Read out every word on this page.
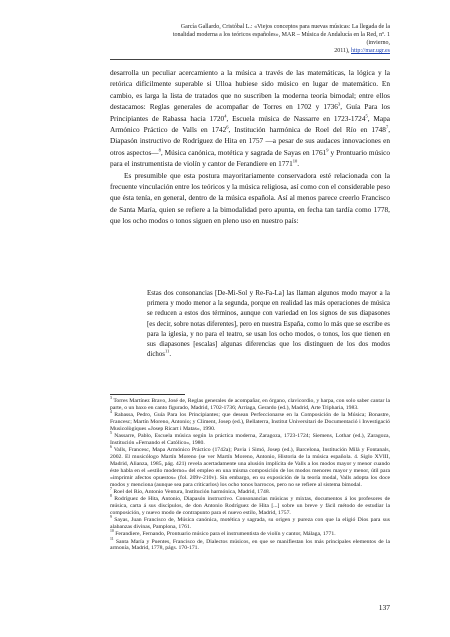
García Gallardo, Cristóbal L.: «Viejos conceptos para nuevas músicas: La llegada de la
tonalidad moderna a los teóricos españoles», MAR – Música de Andalucía en la Red, nº. 1 (invierno,
2011), http://mar.ugr.es

desarrolla un peculiar acercamiento a la música a través de las matemáticas, la lógica y la retórica difícilmente superable si Ulloa hubiese sido músico en lugar de matemático. En cambio, es larga la lista de tratados que no suscriben la moderna teoría bimodal; entre ellos destacamos: Reglas generales de acompañar de Torres en 1702 y 1736$^3$, Guía Para los Principiantes de Rabassa hacia 1720$^4$, Escuela música de Nassarre en 1723-1724$^5$, Mapa Armónico Práctico de Valls en 1742$^6$, Institución harmónica de Roel del Río en 1748$^7$, Diapasón instructivo de Rodríguez de Hita en 1757 —a pesar de sus audaces innovaciones en otros aspectos—$^8$, Música canónica, motética y sagrada de Sayas en 1761$^9$ y Prontuario músico para el instrumentista de violín y cantor de Ferandiere en 1771$^{10}$.

Es presumible que esta postura mayoritariamente conservadora esté relacionada con la frecuente vinculación entre los teóricos y la música religiosa, así como con el considerable peso que ésta tenía, en general, dentro de la música española. Así al menos parece creerlo Francisco de Santa María, quien se refiere a la bimodalidad pero apunta, en fecha tan tardía como 1778, que los ocho modos o tonos siguen en pleno uso en nuestro país:

Estas dos consonancias [De-Mi-Sol y Re-Fa-La] las llaman algunos modo mayor a la primera y modo menor a la segunda, porque en realidad las más operaciones de música se reducen a estos dos términos, aunque con variedad en los signos de sus diapasones [es decir, sobre notas diferentes], pero en nuestra España, como lo más que se escribe es para la iglesia, y no para el teatro, se usan los ocho modos, o tonos, los que tienen en sus diapasones [escalas] algunas diferencias que los distinguen de los dos modos dichos$^{11}$.
$^3$ Torres Martínez Bravo, José de, Reglas generales de acompañar, en órgano, clavicordio, y harpa, con solo saber cantar la parte, o un baxo en canto figurado, Madrid, 1702-1736; Arriaga, Gerardo (ed.), Madrid, Arte Tripharia, 1983.
$^4$ Rabassa, Pedro, Guía Para los Principiantes; que desean Perfeccionarse en la Composición de la Música; Bonastre, Francesc; Martín Moreno, Antonio; y Climent, Josep (ed.), Bellaterra, Institut Universitari de Documentació i Investigació Musicològiques «Josep Ricart i Matas», 1990.
$^5$ Nassarre, Pablo, Escuela música según la práctica moderna, Zaragoza, 1723-1724; Siemens, Lothar (ed.), Zaragoza, Institución «Fernando el Católico», 1980.
$^6$ Valls, Francesc, Mapa Armónico Práctico (1742a); Pavia i Simó, Josep (ed.), Barcelona, Institución Milà y Fontanals, 2002. El musicólogo Martín Moreno (se ver Martín Moreno, Antonio, Historia de la música española. 4. Siglo XVIII, Madrid, Alianza, 1985, pág. 421) revela acertadamente una alusión implícita de Valls a los modos mayor y menor cuando éste habla en el «estilo moderno» del empleo en una misma composición de los modos menores mayor y menor, útil para «imprimir afectos opuestos» (fol. 209v-210v). Sin embargo, en su exposición de la teoría modal, Valls adopta los doce modos y menciona (aunque sea para criticarlos) los ocho tonos barrocos, pero no se refiere al sistema bimodal.
$^7$ Roel del Río, Antonio Ventura, Institución harmónica, Madrid, 1748.
$^8$ Rodríguez de Hita, Antonio, Diapasón instructivo. Consonancias músicas y mixtas, documentos á los profesores de música, carta á sus discípulos, de don Antonio Rodríguez de Hita [...] sobre un breve y fácil método de estudiar la composición, y nuevo modo de contrapunto para el nuevo estilo, Madrid, 1757.
$^9$ Sayas, Juan Francisco de, Música canónica, motética y sagrada, su origen y pureza con que la eligió Dios para sus alabanzas divinas, Pamplona, 1761.
$^{10}$ Ferandiere, Fernando, Prontuario músico para el instrumentista de violín y cantor, Málaga, 1771.
$^{11}$ Santa María y Puentes, Francisco de, Dialectos músicos, en que se manifiestan los más principales elementos de la armonía, Madrid, 1778, págs. 170-171.
137
